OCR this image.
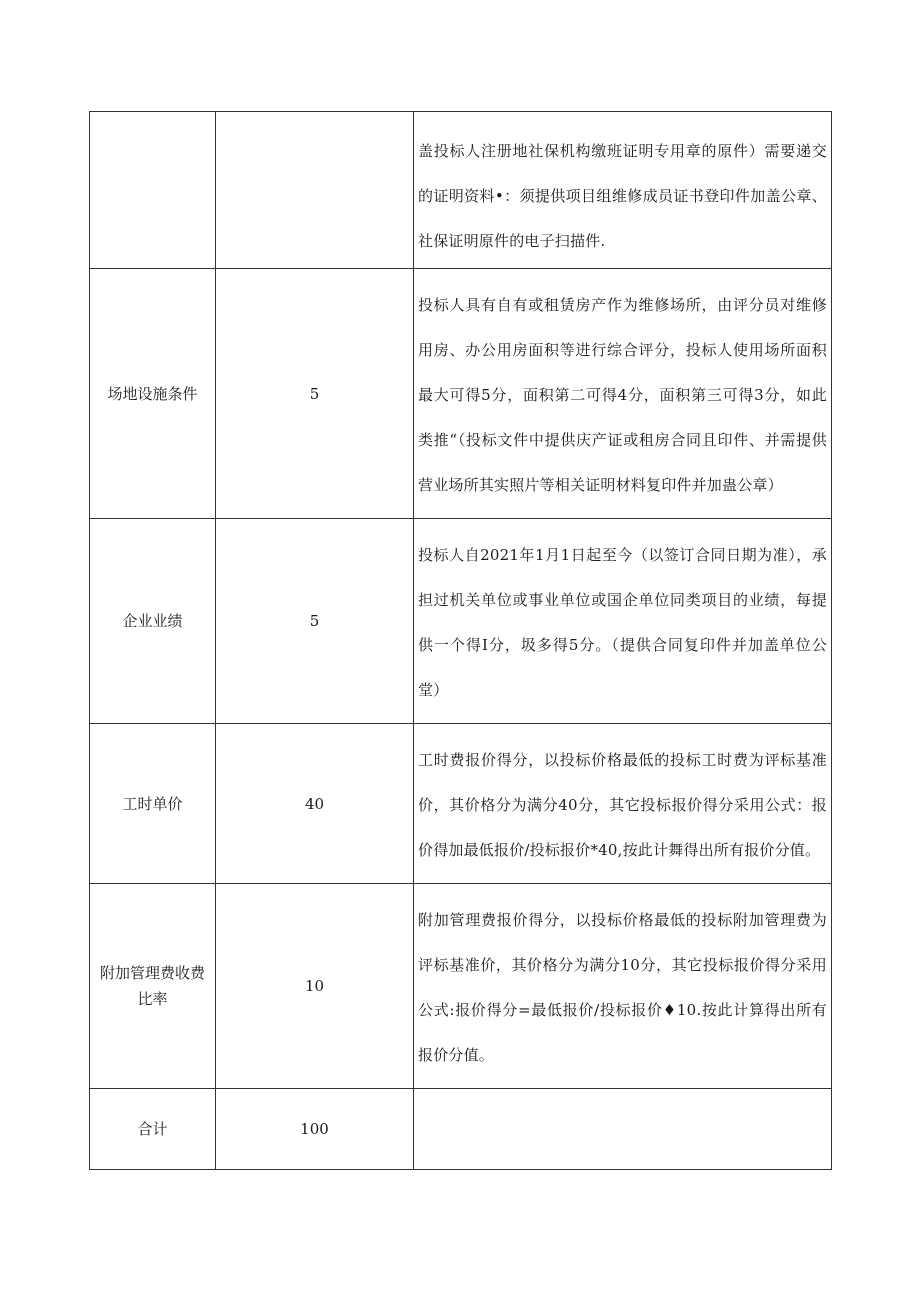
		盖投标人注册地社保机构缴班证明专用章的原件）需要递交的证明资料•：须提供项目组维修成员证书登印件加盖公章、社保证明原件的电子扫描件.
场地设施条件	5	投标人具有自有或租赁房产作为维修场所，由评分员对维修用房、办公用房面积等进行综合评分，投标人使用场所面积最大可得5分，面积第二可得4分，面积第三可得3分，如此类推“（投标文件中提供庆产证或租房合同且印件、并需提供营业场所其实照片等相关证明材料复印件并加蛊公章）
企业业绩	5	投标人自2021年1月1日起至今（以签订合同日期为准），承担过机关单位或事业单位或国企单位同类项目的业绩，每提供一个得I分，圾多得5分。（提供合同复印件并加盖单位公堂）
工时单价	40	工时费报价得分，以投标价格最低的投标工时费为评标基准价，其价格分为满分40分，其它投标报价得分采用公式：报价得加最低报价/投标报价*40,按此计舞得出所有报价分值。
附加管理费收费比率	10	附加管理费报价得分，以投标价格最低的投标附加管理费为评标基准价，其价格分为满分10分，其它投标报价得分采用公式:报价得分=最低报价/投标报价♦10.按此计算得出所有报价分值。
合计	100	
